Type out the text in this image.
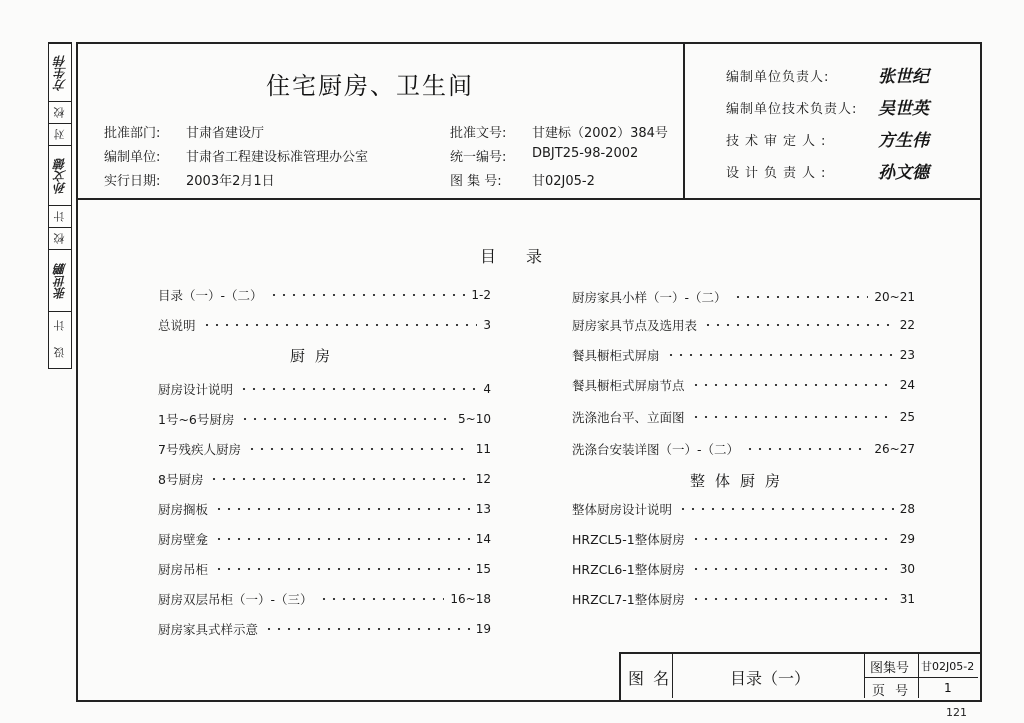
方生伟
校
对
孙文德
计
校
张世鹏
计
设
住宅厨房、卫生间
批准部门: 甘肃省建设厅
编制单位: 甘肃省工程建设标准管理办公室
实行日期: 2003年2月1日
批准文号: 甘建标（2002）384号
统一编号: DBJT25-98-2002
图 集 号: 甘02J05-2
编制单位负责人:	张世纪
编制单位技术负责人: 吴世英
技术审定人:	方生伟
设计负责人:	孙文德
目录
目录（一）-（二）	1-2
总说明	3
厨房
厨房设计说明	4
1号~6号厨房	5~10
7号残疾人厨房	11
8号厨房	12
厨房搁板	13
厨房壁龛	14
厨房吊柜	15
厨房双层吊柜（一）-（三）	16~18
厨房家具式样示意	19
厨房家具小样（一）-（二）	20~21
厨房家具节点及选用表	22
餐具橱柜式屏扇	23
餐具橱柜式屏扇节点	24
洗涤池台平、立面图	25
洗涤台安装详图（一）-（二）	26~27
整体厨房
整体厨房设计说明	28
HRZCL5-1整体厨房	29
HRZCL6-1整体厨房	30
HRZCL7-1整体厨房	31
图 名	目录（一）
图集号 甘02J05-2
页 号	1
121
